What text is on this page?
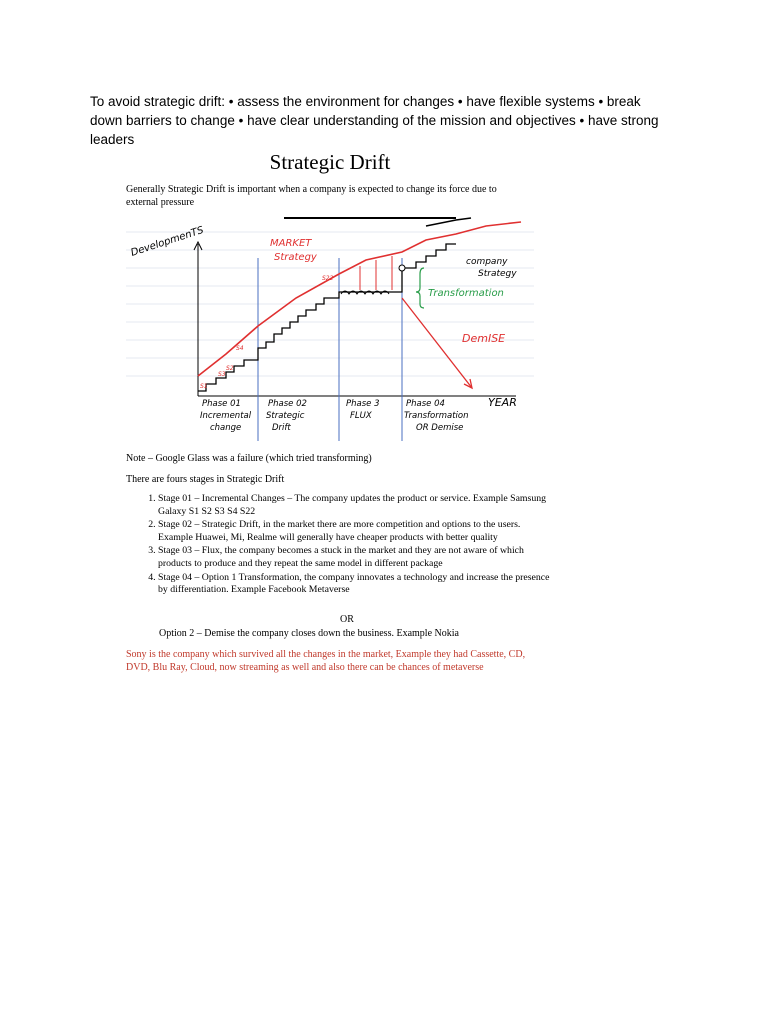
To avoid strategic drift: • assess the environment for changes • have flexible systems • break down barriers to change • have clear understanding of the mission and objectives • have strong leaders
Strategic Drift
Generally Strategic Drift is important when a company is expected to change its force due to external pressure
DevelopmenTS	MARKET
Strategy	company
Strategy
Transformation
DemISE
S1
S3
S2
S4
S22
YEAR
Phase 01
Incremental
change
Phase 02
Strategic
Drift
Phase 3
FLUX
Phase 04
Transformation
OR Demise
Note – Google Glass was a failure (which tried transforming)
There are fours stages in Strategic Drift
1. Stage 01 – Incremental Changes – The company updates the product or service. Example Samsung Galaxy S1 S2 S3 S4 S22
2. Stage 02 – Strategic Drift, in the market there are more competition and options to the users. Example Huawei, Mi, Realme will generally have cheaper products with better quality
3. Stage 03 – Flux, the company becomes a stuck in the market and they are not aware of which products to produce and they repeat the same model in different package
4. Stage 04 – Option 1 Transformation, the company innovates a technology and increase the presence by differentiation. Example Facebook Metaverse
OR
Option 2 – Demise the company closes down the business. Example Nokia
Sony is the company which survived all the changes in the market, Example they had Cassette, CD, DVD, Blu Ray, Cloud, now streaming as well and also there can be chances of metaverse
